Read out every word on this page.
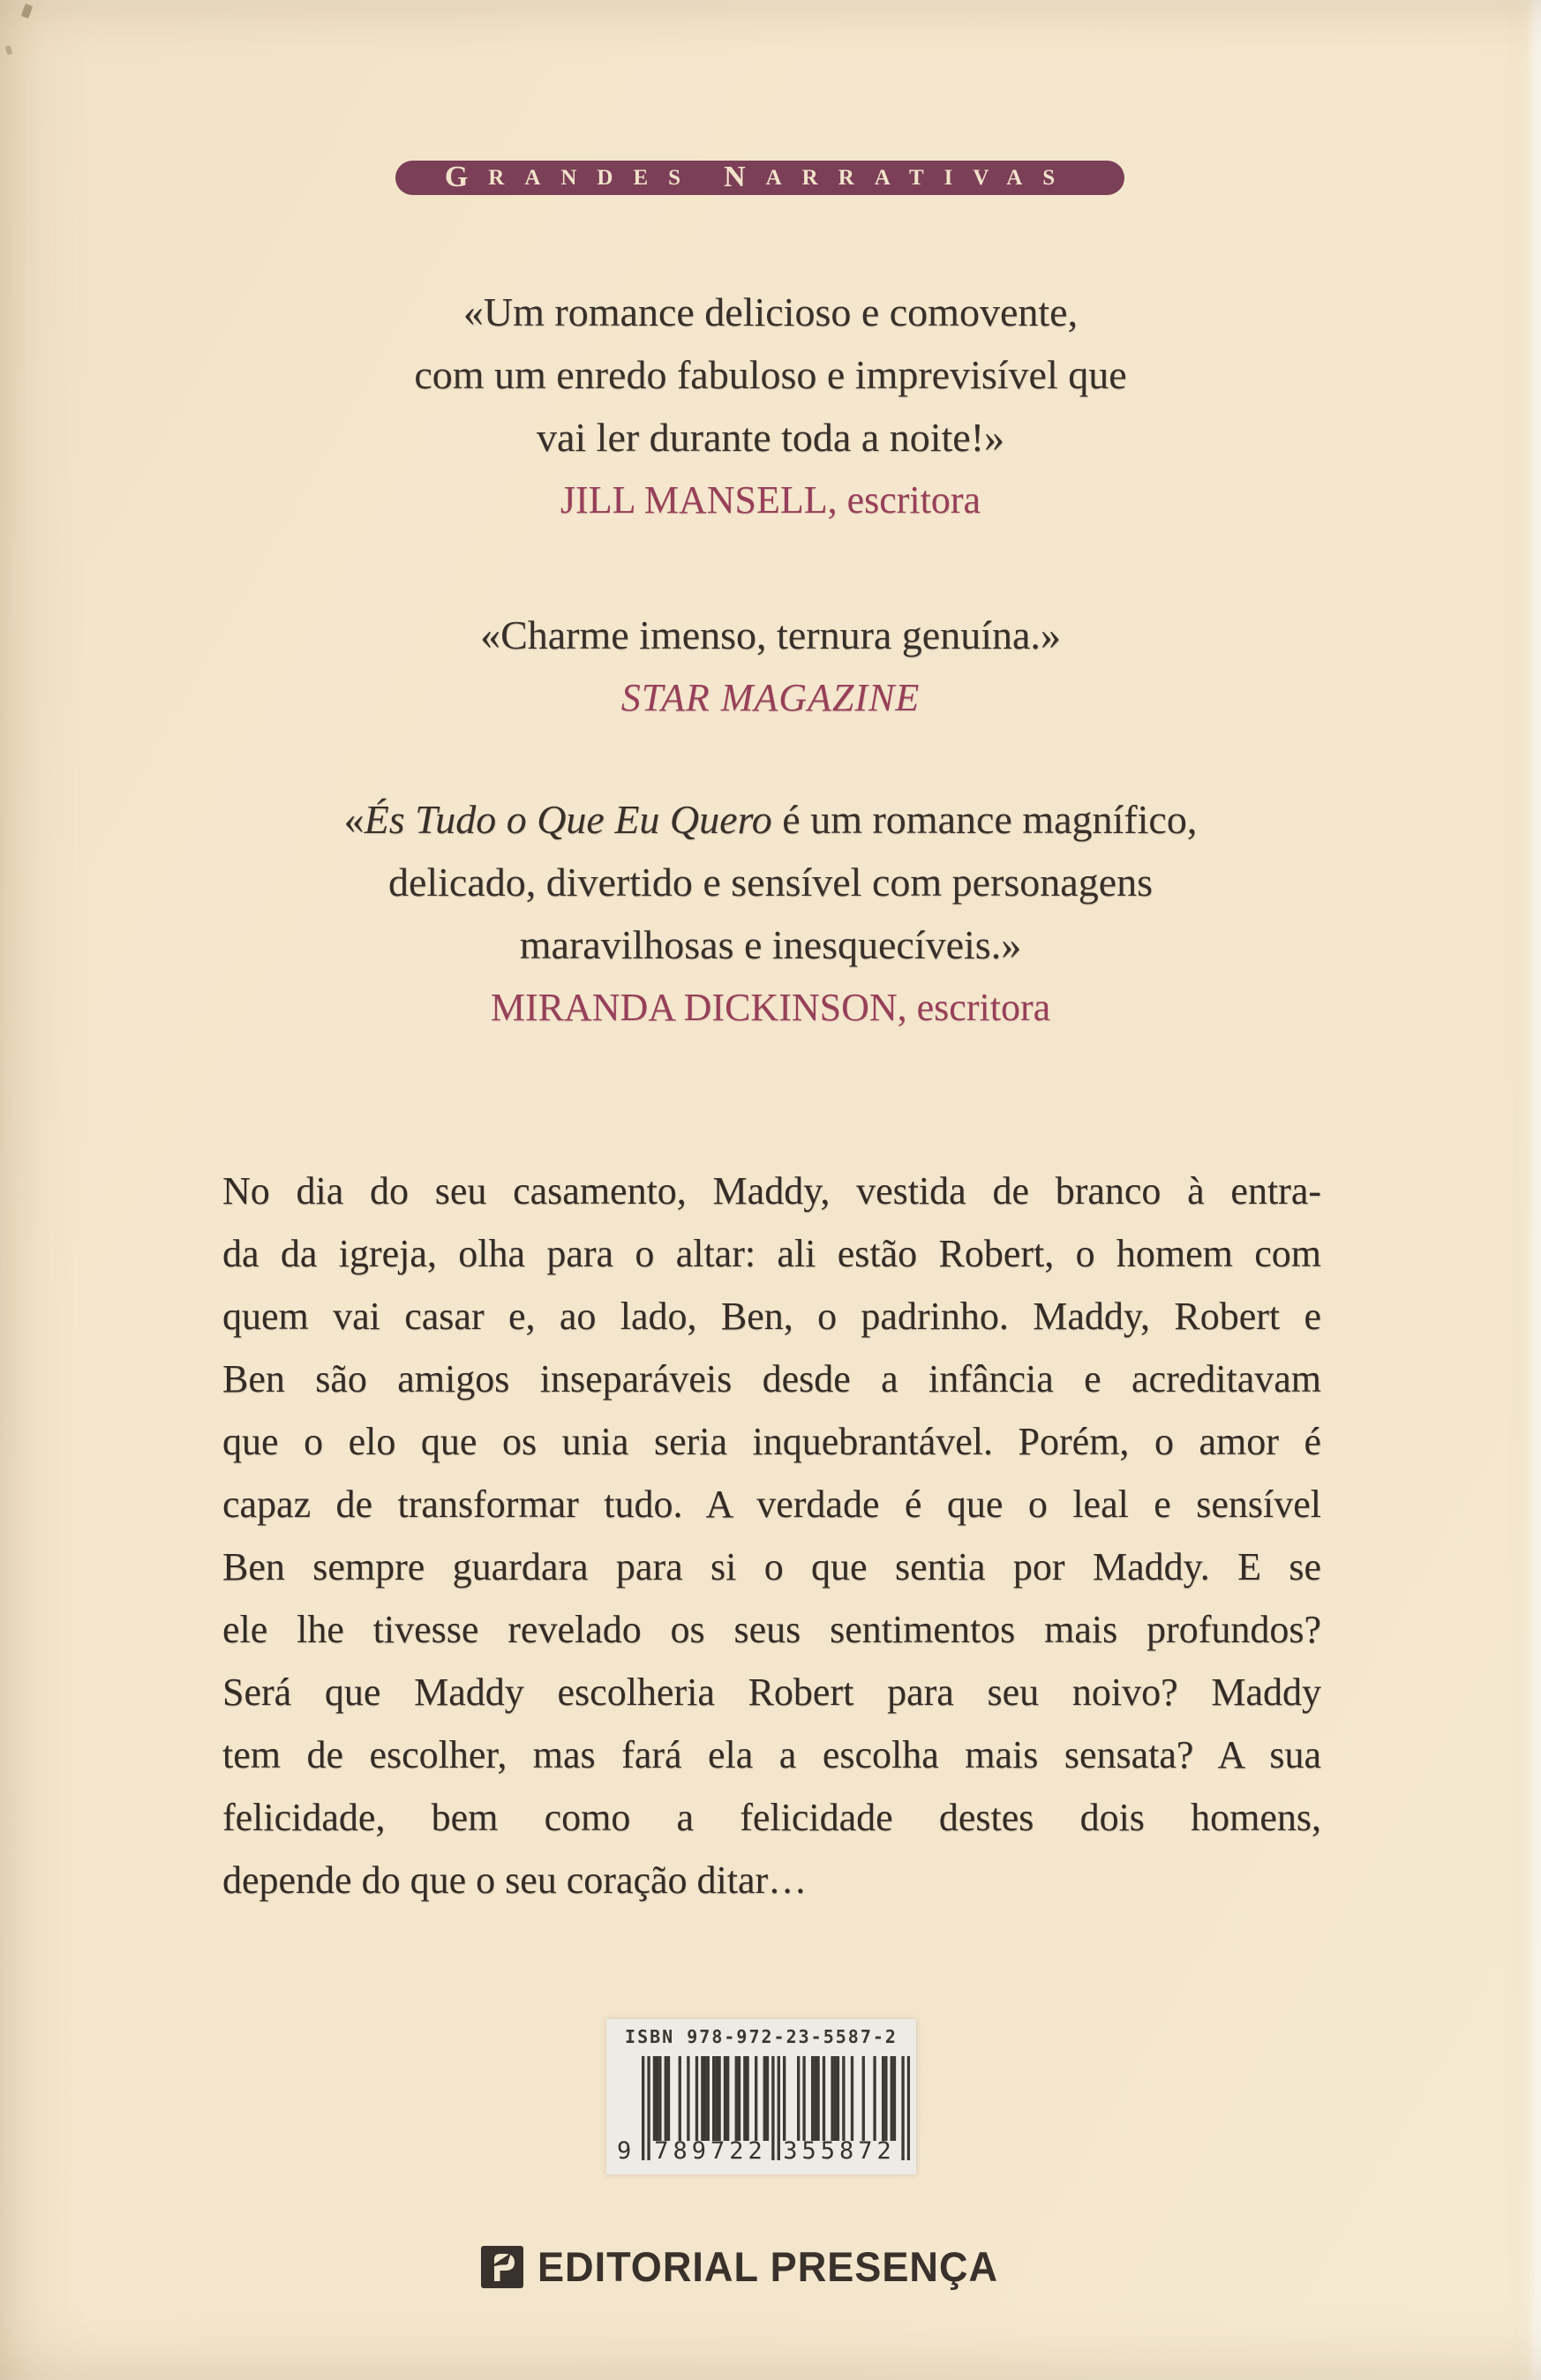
G RANDES N ARRATIVAS
«Um romance delicioso e comovente,
com um enredo fabuloso e imprevisível que
vai ler durante toda a noite!»
JILL MANSELL, escritora
«Charme imenso, ternura genuína.»
STAR MAGAZINE
«És Tudo o Que Eu Quero é um romance magnífico,
delicado, divertido e sensível com personagens
maravilhosas e inesquecíveis.»
MIRANDA DICKINSON, escritora
No dia do seu casamento, Maddy, vestida de branco à entra-
da da igreja, olha para o altar: ali estão Robert, o homem com
quem vai casar e, ao lado, Ben, o padrinho. Maddy, Robert e
Ben são amigos inseparáveis desde a infância e acreditavam
que o elo que os unia seria inquebrantável. Porém, o amor é
capaz de transformar tudo. A verdade é que o leal e sensível
Ben sempre guardara para si o que sentia por Maddy. E se
ele lhe tivesse revelado os seus sentimentos mais profundos?
Será que Maddy escolheria Robert para seu noivo? Maddy
tem de escolher, mas fará ela a escolha mais sensata? A sua
felicidade, bem como a felicidade destes dois homens,
depende do que o seu coração ditar…
ISBN 978-972-23-5587-2
9 789722 355872
EDITORIAL PRESENÇA
